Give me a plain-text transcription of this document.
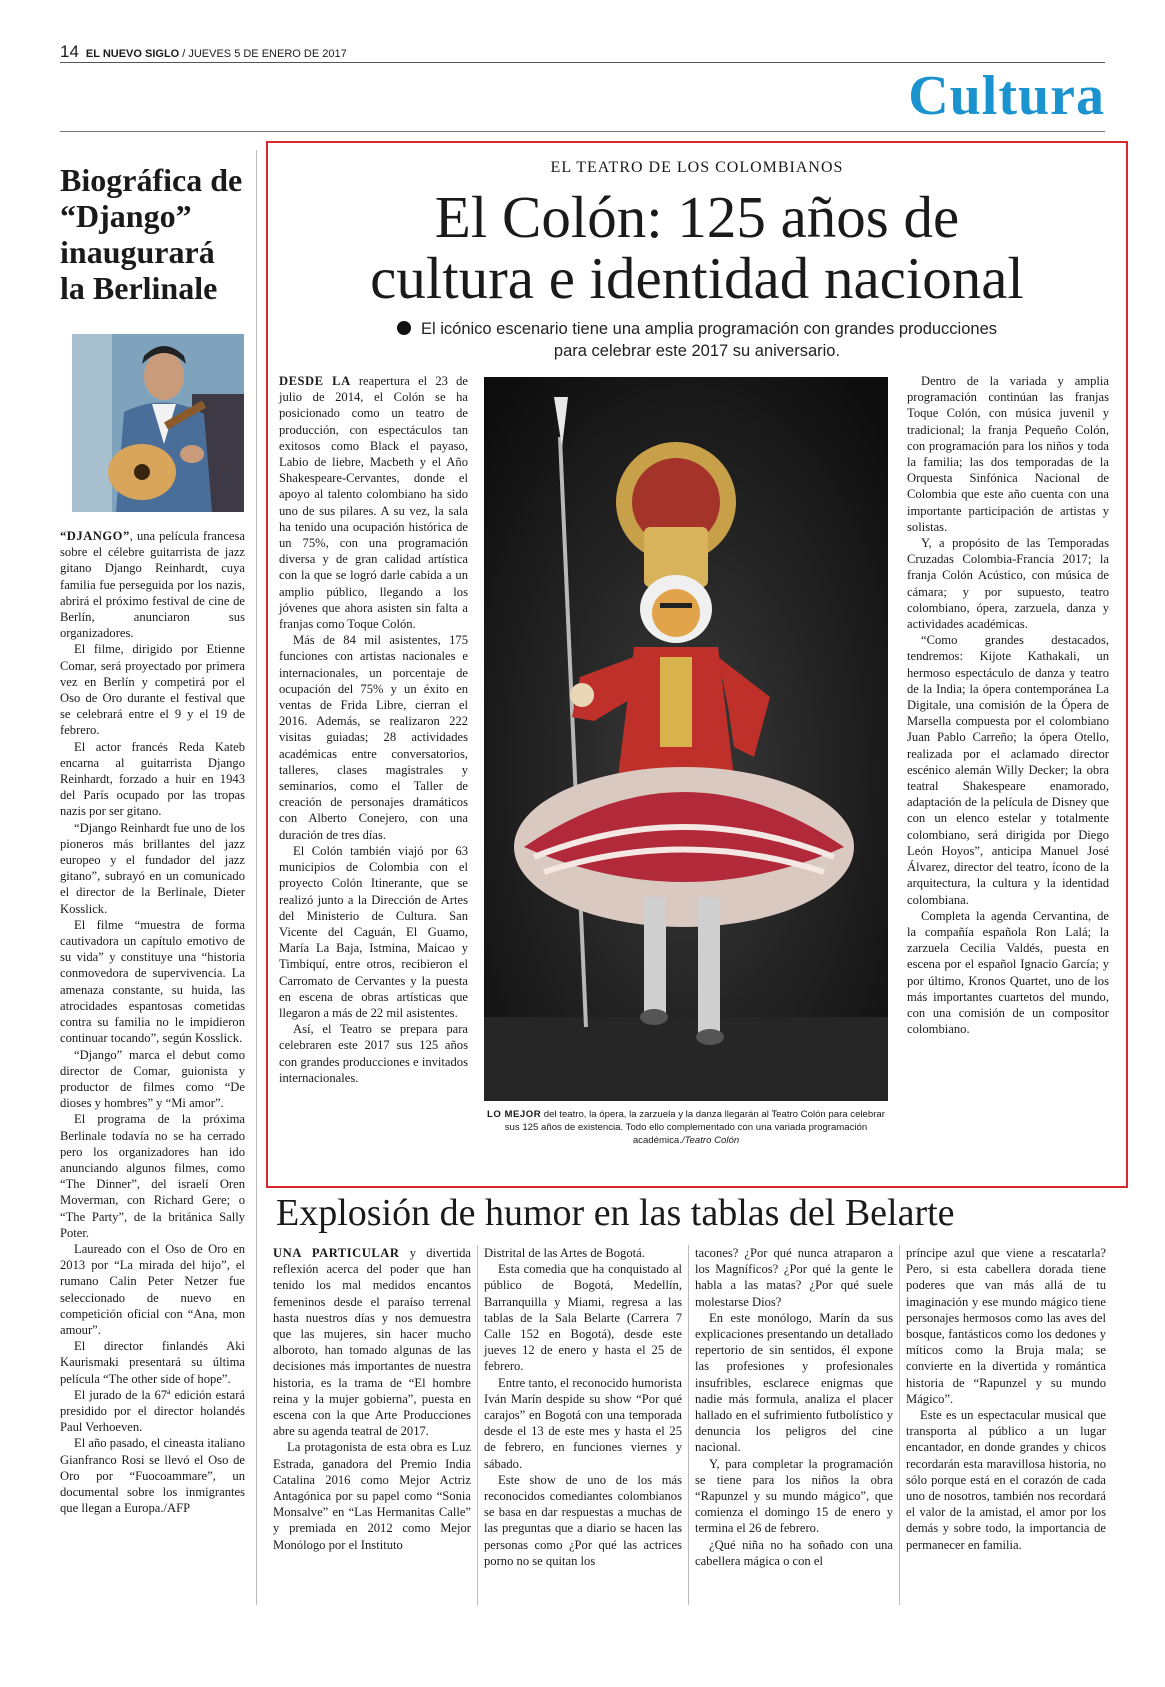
14 EL NUEVO SIGLO / JUEVES 5 DE ENERO DE 2017
Cultura
Biográfica de “Django” inaugurará la Berlinale

“DJANGO”, una película francesa sobre el célebre guitarrista de jazz gitano Django Reinhardt, cuya familia fue perseguida por los nazis, abrirá el próximo festival de cine de Berlín, anunciaron sus organizadores.

El filme, dirigido por Etienne Comar, será proyectado por primera vez en Berlín y competirá por el Oso de Oro durante el festival que se celebrará entre el 9 y el 19 de febrero.

El actor francés Reda Kateb encarna al guitarrista Django Reinhardt, forzado a huir en 1943 del París ocupado por las tropas nazis por ser gitano.

“Django Reinhardt fue uno de los pioneros más brillantes del jazz europeo y el fundador del jazz gitano”, subrayó en un comunicado el director de la Berlinale, Dieter Kosslick.

El filme “muestra de forma cautivadora un capítulo emotivo de su vida” y constituye una “historia conmovedora de supervivencia. La amenaza constante, su huida, las atrocidades espantosas cometidas contra su familia no le impidieron continuar tocando”, según Kosslick.

“Django” marca el debut como director de Comar, guionista y productor de filmes como “De dioses y hombres” y “Mi amor”.

El programa de la próxima Berlinale todavía no se ha cerrado pero los organizadores han ido anunciando algunos filmes, como “The Dinner”, del israelí Oren Moverman, con Richard Gere; o “The Party”, de la británica Sally Poter.

Laureado con el Oso de Oro en 2013 por “La mirada del hijo”, el rumano Calin Peter Netzer fue seleccionado de nuevo en competición oficial con “Ana, mon amour”.

El director finlandés Aki Kaurismaki presentará su última película “The other side of hope”.

El jurado de la 67ª edición estará presidido por el director holandés Paul Verhoeven.

El año pasado, el cineasta italiano Gianfranco Rosi se llevó el Oso de Oro por “Fuocoammare”, un documental sobre los inmigrantes que llegan a Europa./AFP

EL TEATRO DE LOS COLOMBIANOS
El Colón: 125 años de
cultura e identidad nacional
El icónico escenario tiene una amplia programación con grandes producciones
para celebrar este 2017 su aniversario.

DESDE LA reapertura el 23 de julio de 2014, el Colón se ha posicionado como un teatro de producción, con espectáculos tan exitosos como Black el payaso, Labio de liebre, Macbeth y el Año Shakespeare-Cervantes, donde el apoyo al talento colombiano ha sido uno de sus pilares. A su vez, la sala ha tenido una ocupación histórica de un 75%, con una programación diversa y de gran calidad artística con la que se logró darle cabida a un amplio público, llegando a los jóvenes que ahora asisten sin falta a franjas como Toque Colón.

Más de 84 mil asistentes, 175 funciones con artistas nacionales e internacionales, un porcentaje de ocupación del 75% y un éxito en ventas de Frida Libre, cierran el 2016. Además, se realizaron 222 visitas guiadas; 28 actividades académicas entre conversatorios, talleres, clases magistrales y seminarios, como el Taller de creación de personajes dramáticos con Alberto Conejero, con una duración de tres días.

El Colón también viajó por 63 municipios de Colombia con el proyecto Colón Itinerante, que se realizó junto a la Dirección de Artes del Ministerio de Cultura. San Vicente del Caguán, El Guamo, María La Baja, Istmina, Maicao y Timbiquí, entre otros, recibieron el Carromato de Cervantes y la puesta en escena de obras artísticas que llegaron a más de 22 mil asistentes.

Así, el Teatro se prepara para celebraren este 2017 sus 125 años con grandes producciones e invitados internacionales.

LO MEJOR del teatro, la ópera, la zarzuela y la danza llegarán al Teatro Colón para celebrar sus 125 años de existencia. Todo ello complementado con una variada programación académica./Teatro Colón

Dentro de la variada y amplia programación continúan las franjas Toque Colón, con música juvenil y tradicional; la franja Pequeño Colón, con programación para los niños y toda la familia; las dos temporadas de la Orquesta Sinfónica Nacional de Colombia que este año cuenta con una importante participación de artistas y solistas.

Y, a propósito de las Temporadas Cruzadas Colombia-Francia 2017; la franja Colón Acústico, con música de cámara; y por supuesto, teatro colombiano, ópera, zarzuela, danza y actividades académicas.

“Como grandes destacados, tendremos: Kijote Kathakali, un hermoso espectáculo de danza y teatro de la India; la ópera contemporánea La Digitale, una comisión de la Ópera de Marsella compuesta por el colombiano Juan Pablo Carreño; la ópera Otello, realizada por el aclamado director escénico alemán Willy Decker; la obra teatral Shakespeare enamorado, adaptación de la película de Disney que con un elenco estelar y totalmente colombiano, será dirigida por Diego León Hoyos”, anticipa Manuel José Álvarez, director del teatro, ícono de la arquitectura, la cultura y la identidad colombiana.

Completa la agenda Cervantina, de la compañía española Ron Lalá; la zarzuela Cecilia Valdés, puesta en escena por el español Ignacio García; y por último, Kronos Quartet, uno de los más importantes cuartetos del mundo, con una comisión de un compositor colombiano.

Explosión de humor en las tablas del Belarte

UNA PARTICULAR y divertida reflexión acerca del poder que han tenido los mal medidos encantos femeninos desde el paraíso terrenal hasta nuestros días y nos demuestra que las mujeres, sin hacer mucho alboroto, han tomado algunas de las decisiones más importantes de nuestra historia, es la trama de “El hombre reina y la mujer gobierna”, puesta en escena con la que Arte Producciones abre su agenda teatral de 2017.

La protagonista de esta obra es Luz Estrada, ganadora del Premio India Catalina 2016 como Mejor Actriz Antagónica por su papel como “Sonia Monsalve” en “Las Hermanitas Calle” y premiada en 2012 como Mejor Monólogo por el Instituto

Distrital de las Artes de Bogotá.

Esta comedia que ha conquistado al público de Bogotá, Medellín, Barranquilla y Miami, regresa a las tablas de la Sala Belarte (Carrera 7 Calle 152 en Bogotá), desde este jueves 12 de enero y hasta el 25 de febrero.

Entre tanto, el reconocido humorista Iván Marín despide su show “Por qué carajos” en Bogotá con una temporada desde el 13 de este mes y hasta el 25 de febrero, en funciones viernes y sábado.

Este show de uno de los más reconocidos comediantes colombianos se basa en dar respuestas a muchas de las preguntas que a diario se hacen las personas como ¿Por qué las actrices porno no se quitan los

tacones? ¿Por qué nunca atraparon a los Magníficos? ¿Por qué la gente le habla a las matas? ¿Por qué suele molestarse Dios?

En este monólogo, Marín da sus explicaciones presentando un detallado repertorio de sin sentidos, él expone las profesiones y profesionales insufribles, esclarece enigmas que nadie más formula, analiza el placer hallado en el sufrimiento futbolístico y denuncia los peligros del cine nacional.

Y, para completar la programación se tiene para los niños la obra “Rapunzel y su mundo mágico”, que comienza el domingo 15 de enero y termina el 26 de febrero.

¿Qué niña no ha soñado con una cabellera mágica o con el

príncipe azul que viene a rescatarla? Pero, si esta cabellera dorada tiene poderes que van más allá de tu imaginación y ese mundo mágico tiene personajes hermosos como las aves del bosque, fantásticos como los dedones y míticos como la Bruja mala; se convierte en la divertida y romántica historia de “Rapunzel y su mundo Mágico”.

Este es un espectacular musical que transporta al público a un lugar encantador, en donde grandes y chicos recordarán esta maravillosa historia, no sólo porque está en el corazón de cada uno de nosotros, también nos recordará el valor de la amistad, el amor por los demás y sobre todo, la importancia de permanecer en familia.
